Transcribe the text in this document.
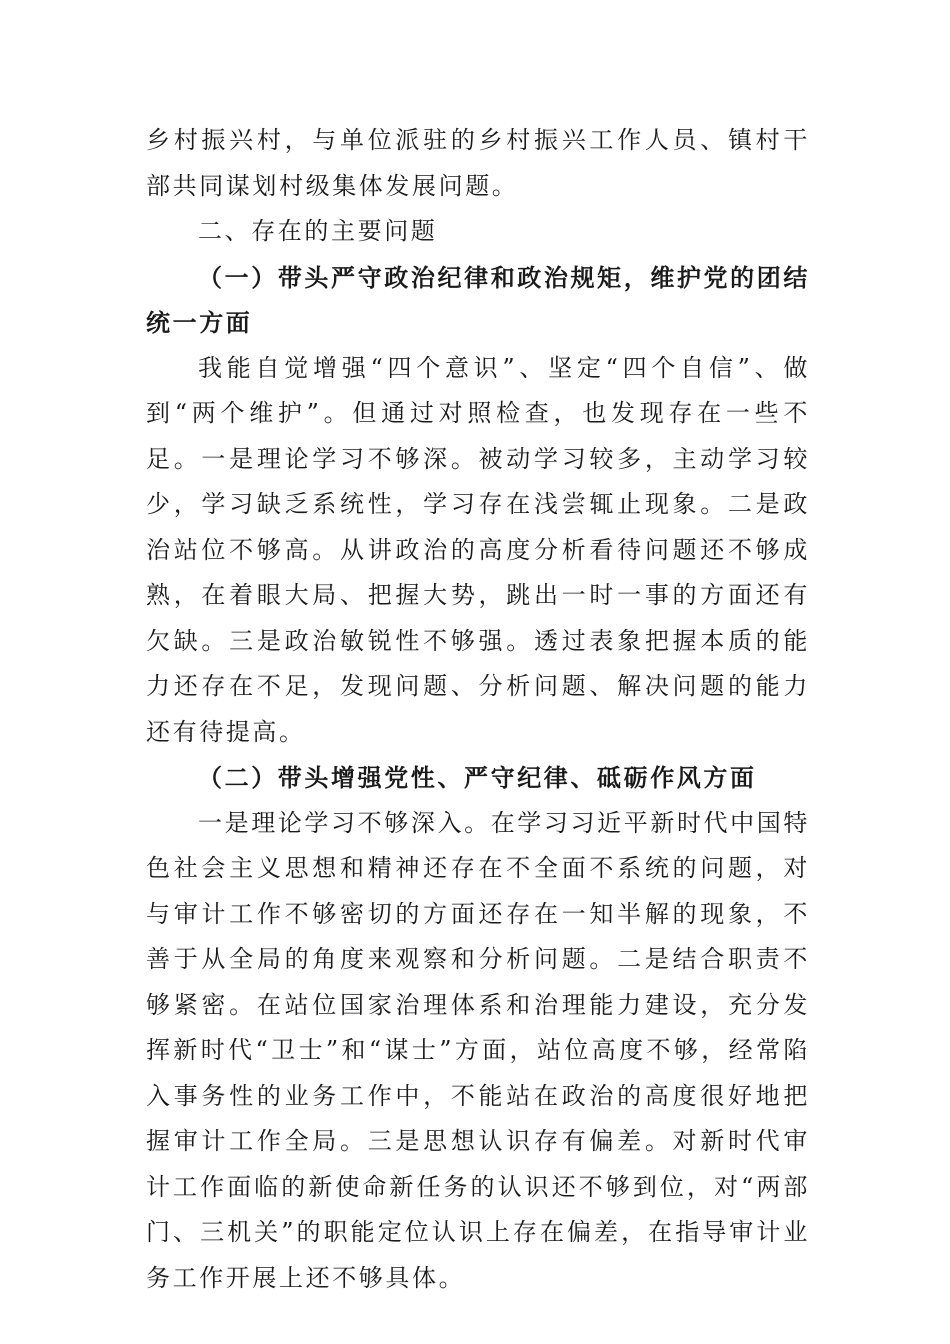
乡村振兴村，与单位派驻的乡村振兴工作人员、镇村干部共同谋划村级集体发展问题。

二、存在的主要问题

（一）带头严守政治纪律和政治规矩，维护党的团结统一方面

我能自觉增强“四个意识”、坚定“四个自信”、做到“两个维护”。但通过对照检查，也发现存在一些不足。一是理论学习不够深。被动学习较多，主动学习较少，学习缺乏系统性，学习存在浅尝辄止现象。二是政治站位不够高。从讲政治的高度分析看待问题还不够成熟，在着眼大局、把握大势，跳出一时一事的方面还有欠缺。三是政治敏锐性不够强。透过表象把握本质的能力还存在不足，发现问题、分析问题、解决问题的能力还有待提高。

（二）带头增强党性、严守纪律、砥砺作风方面

一是理论学习不够深入。在学习习近平新时代中国特色社会主义思想和精神还存在不全面不系统的问题，对与审计工作不够密切的方面还存在一知半解的现象，不善于从全局的角度来观察和分析问题。二是结合职责不够紧密。在站位国家治理体系和治理能力建设，充分发挥新时代“卫士”和“谋士”方面，站位高度不够，经常陷入事务性的业务工作中，不能站在政治的高度很好地把握审计工作全局。三是思想认识存有偏差。对新时代审计工作面临的新使命新任务的认识还不够到位，对“两部门、三机关”的职能定位认识上存在偏差，在指导审计业务工作开展上还不够具体。
